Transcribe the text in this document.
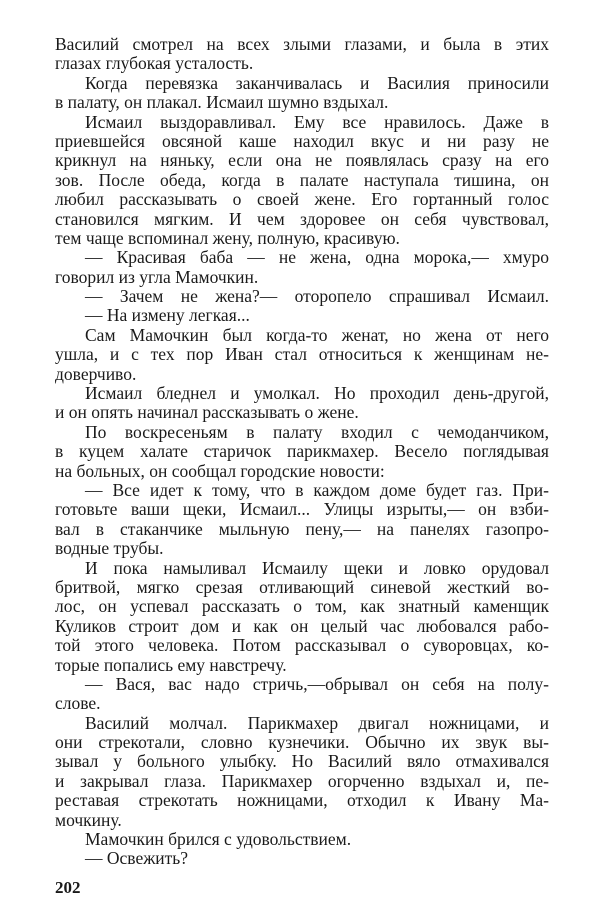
Василий смотрел на всех злыми глазами, и была в этих
глазах глубокая усталость.
Когда перевязка заканчивалась и Василия приносили
в палату, он плакал. Исмаил шумно вздыхал.
Исмаил выздоравливал. Ему все нравилось. Даже в
приевшейся овсяной каше находил вкус и ни разу не
крикнул на няньку, если она не появлялась сразу на его
зов. После обеда, когда в палате наступала тишина, он
любил рассказывать о своей жене. Его гортанный голос
становился мягким. И чем здоровее он себя чувствовал,
тем чаще вспоминал жену, полную, красивую.
— Красивая баба — не жена, одна морока,— хмуро
говорил из угла Мамочкин.
— Зачем не жена?— оторопело спрашивал Исмаил.
— На измену легкая...
Сам Мамочкин был когда-то женат, но жена от него
ушла, и с тех пор Иван стал относиться к женщинам не-
доверчиво.
Исмаил бледнел и умолкал. Но проходил день-другой,
и он опять начинал рассказывать о жене.
По воскресеньям в палату входил с чемоданчиком,
в куцем халате старичок парикмахер. Весело поглядывая
на больных, он сообщал городские новости:
— Все идет к тому, что в каждом доме будет газ. При-
готовьте ваши щеки, Исмаил... Улицы изрыты,— он взби-
вал в стаканчике мыльную пену,— на панелях газопро-
водные трубы.
И пока намыливал Исмаилу щеки и ловко орудовал
бритвой, мягко срезая отливающий синевой жесткий во-
лос, он успевал рассказать о том, как знатный каменщик
Куликов строит дом и как он целый час любовался рабо-
той этого человека. Потом рассказывал о суворовцах, ко-
торые попались ему навстречу.
— Вася, вас надо стричь,—обрывал он себя на полу-
слове.
Василий молчал. Парикмахер двигал ножницами, и
они стрекотали, словно кузнечики. Обычно их звук вы-
зывал у больного улыбку. Но Василий вяло отмахивался
и закрывал глаза. Парикмахер огорченно вздыхал и, пе-
реставая стрекотать ножницами, отходил к Ивану Ма-
мочкину.
Мамочкин брился с удовольствием.
— Освежить?
202
